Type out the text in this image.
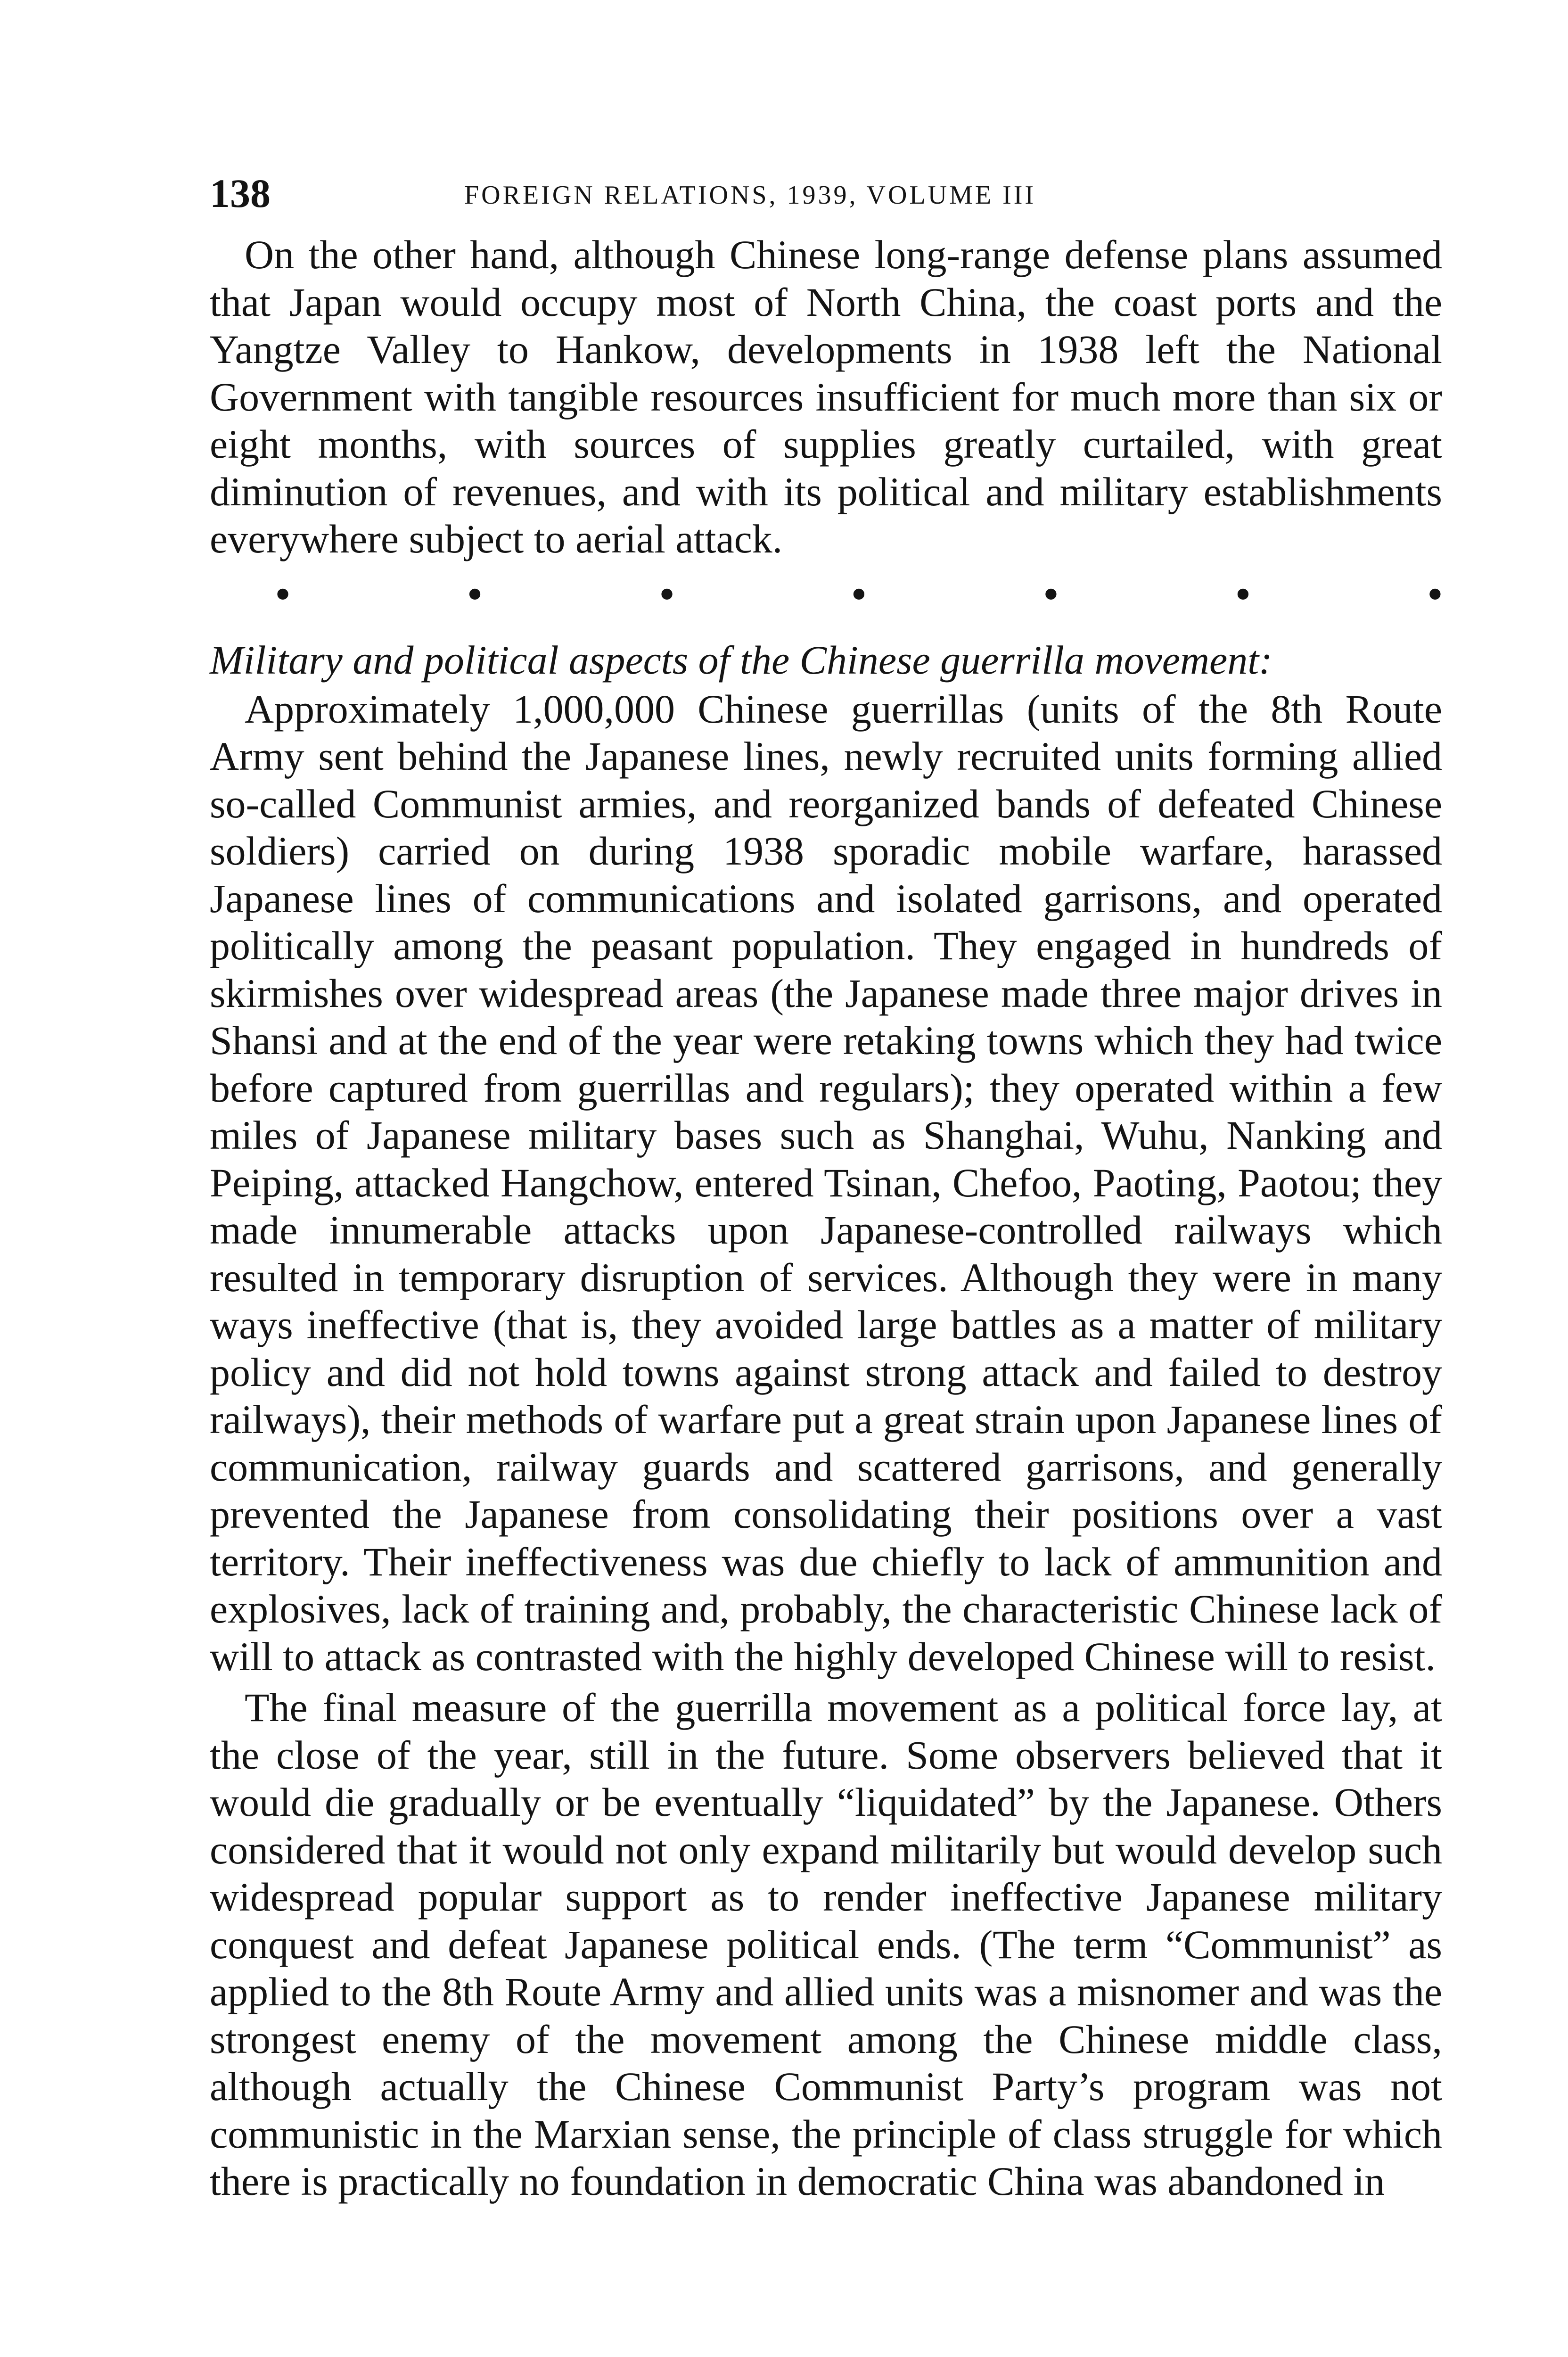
138	FOREIGN RELATIONS, 1939, VOLUME III

On the other hand, although Chinese long-range defense plans assumed that Japan would occupy most of North China, the coast ports and the Yangtze Valley to Hankow, developments in 1938 left the National Government with tangible resources insufficient for much more than six or eight months, with sources of supplies greatly curtailed, with great diminution of revenues, and with its political and military establishments everywhere subject to aerial attack.

•	•	•	•	•	•	•

Military and political aspects of the Chinese guerrilla movement:

Approximately 1,000,000 Chinese guerrillas (units of the 8th Route Army sent behind the Japanese lines, newly recruited units forming allied so-called Communist armies, and reorganized bands of defeated Chinese soldiers) carried on during 1938 sporadic mobile warfare, harassed Japanese lines of communications and isolated garrisons, and operated politically among the peasant population. They engaged in hundreds of skirmishes over widespread areas (the Japanese made three major drives in Shansi and at the end of the year were retaking towns which they had twice before captured from guerrillas and regulars); they operated within a few miles of Japanese military bases such as Shanghai, Wuhu, Nanking and Peiping, attacked Hangchow, entered Tsinan, Chefoo, Paoting, Paotou; they made innumerable attacks upon Japanese-controlled railways which resulted in temporary disruption of services. Although they were in many ways ineffective (that is, they avoided large battles as a matter of military policy and did not hold towns against strong attack and failed to destroy railways), their methods of warfare put a great strain upon Japanese lines of communication, railway guards and scattered garrisons, and generally prevented the Japanese from consolidating their positions over a vast territory. Their ineffectiveness was due chiefly to lack of ammunition and explosives, lack of training and, probably, the characteristic Chinese lack of will to attack as contrasted with the highly developed Chinese will to resist.

The final measure of the guerrilla movement as a political force lay, at the close of the year, still in the future. Some observers believed that it would die gradually or be eventually “liquidated” by the Japanese. Others considered that it would not only expand militarily but would develop such widespread popular support as to render ineffective Japanese military conquest and defeat Japanese political ends. (The term “Communist” as applied to the 8th Route Army and allied units was a misnomer and was the strongest enemy of the movement among the Chinese middle class, although actually the Chinese Communist Party’s program was not communistic in the Marxian sense, the principle of class struggle for which there is practically no foundation in democratic China was abandoned in
